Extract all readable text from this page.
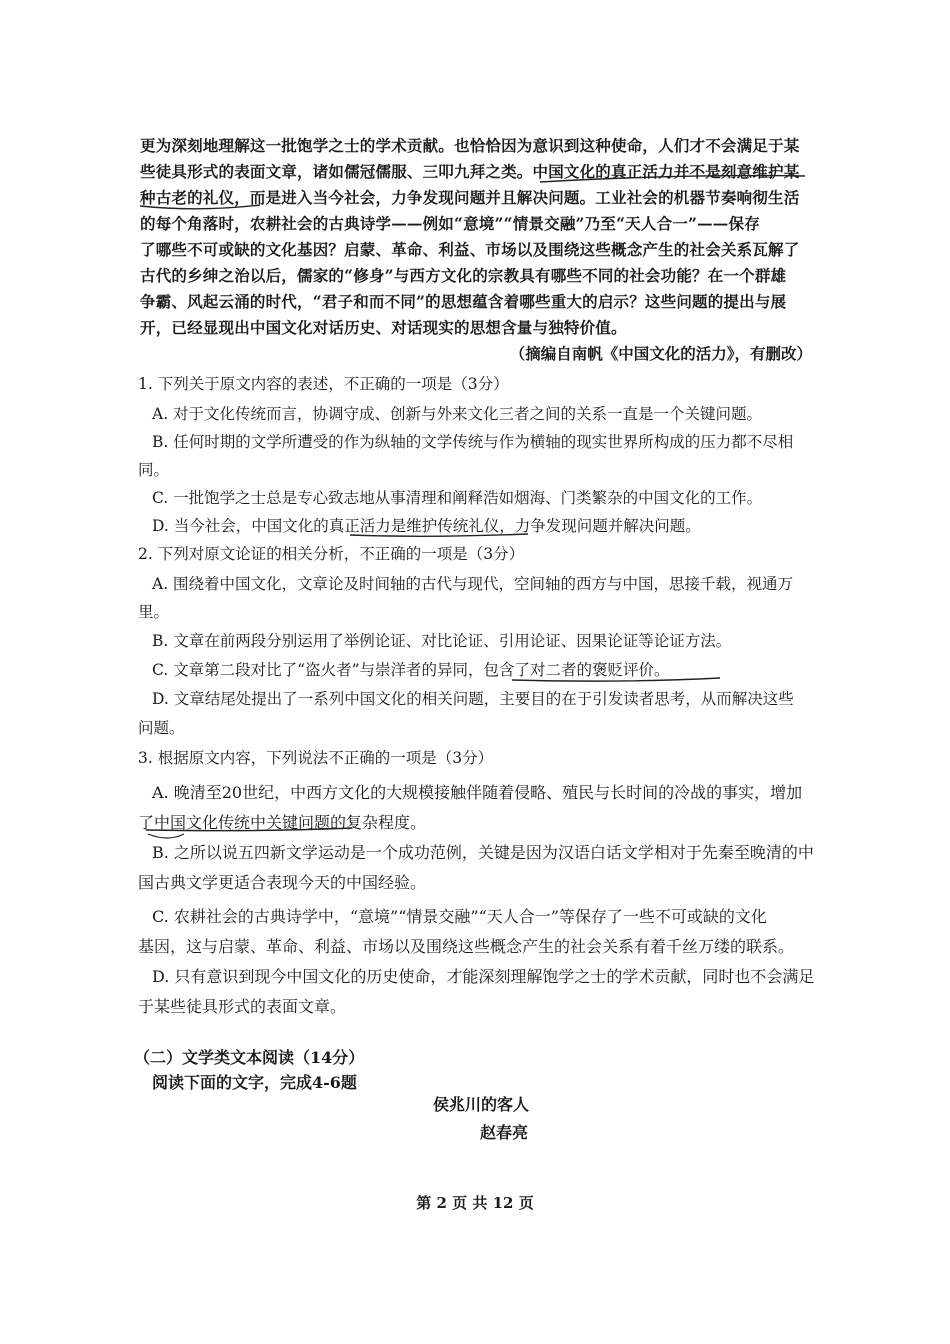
更为深刻地理解这一批饱学之士的学术贡献。也恰恰因为意识到这种使命，人们才不会满足于某
些徒具形式的表面文章，诸如儒冠儒服、三叩九拜之类。中国文化的真正活力并不是刻意维护某
种古老的礼仪，而是进入当今社会，力争发现问题并且解决问题。工业社会的机器节奏响彻生活
的每个角落时，农耕社会的古典诗学——例如“意境”“情景交融”乃至“天人合一”——保存
了哪些不可或缺的文化基因？启蒙、革命、利益、市场以及围绕这些概念产生的社会关系瓦解了
古代的乡绅之治以后，儒家的“修身”与西方文化的宗教具有哪些不同的社会功能？在一个群雄
争霸、风起云涌的时代，“君子和而不同”的思想蕴含着哪些重大的启示？这些问题的提出与展
开，已经显现出中国文化对话历史、对话现实的思想含量与独特价值。
（摘编自南帆《中国文化的活力》，有删改）
1. 下列关于原文内容的表述，不正确的一项是（3分）
A. 对于文化传统而言，协调守成、创新与外来文化三者之间的关系一直是一个关键问题。
B. 任何时期的文学所遭受的作为纵轴的文学传统与作为横轴的现实世界所构成的压力都不尽相
同。
C. 一批饱学之士总是专心致志地从事清理和阐释浩如烟海、门类繁杂的中国文化的工作。
D. 当今社会，中国文化的真正活力是维护传统礼仪，力争发现问题并解决问题。
2. 下列对原文论证的相关分析，不正确的一项是（3分）
A. 围绕着中国文化，文章论及时间轴的古代与现代，空间轴的西方与中国，思接千载，视通万
里。
B. 文章在前两段分别运用了举例论证、对比论证、引用论证、因果论证等论证方法。
C. 文章第二段对比了“盗火者”与崇洋者的异同，包含了对二者的褒贬评价。
D. 文章结尾处提出了一系列中国文化的相关问题，主要目的在于引发读者思考，从而解决这些
问题。
3. 根据原文内容，下列说法不正确的一项是（3分）
A. 晚清至20世纪，中西方文化的大规模接触伴随着侵略、殖民与长时间的冷战的事实，增加
了中国文化传统中关键问题的复杂程度。
B. 之所以说五四新文学运动是一个成功范例，关键是因为汉语白话文学相对于先秦至晚清的中
国古典文学更适合表现今天的中国经验。
C. 农耕社会的古典诗学中，“意境”“情景交融”“天人合一”等保存了一些不可或缺的文化
基因，这与启蒙、革命、利益、市场以及围绕这些概念产生的社会关系有着千丝万缕的联系。
D. 只有意识到现今中国文化的历史使命，才能深刻理解饱学之士的学术贡献，同时也不会满足
于某些徒具形式的表面文章。
（二）文学类文本阅读（14分）
阅读下面的文字，完成4-6题
侯兆川的客人
赵春亮
第 2 页 共 12 页
